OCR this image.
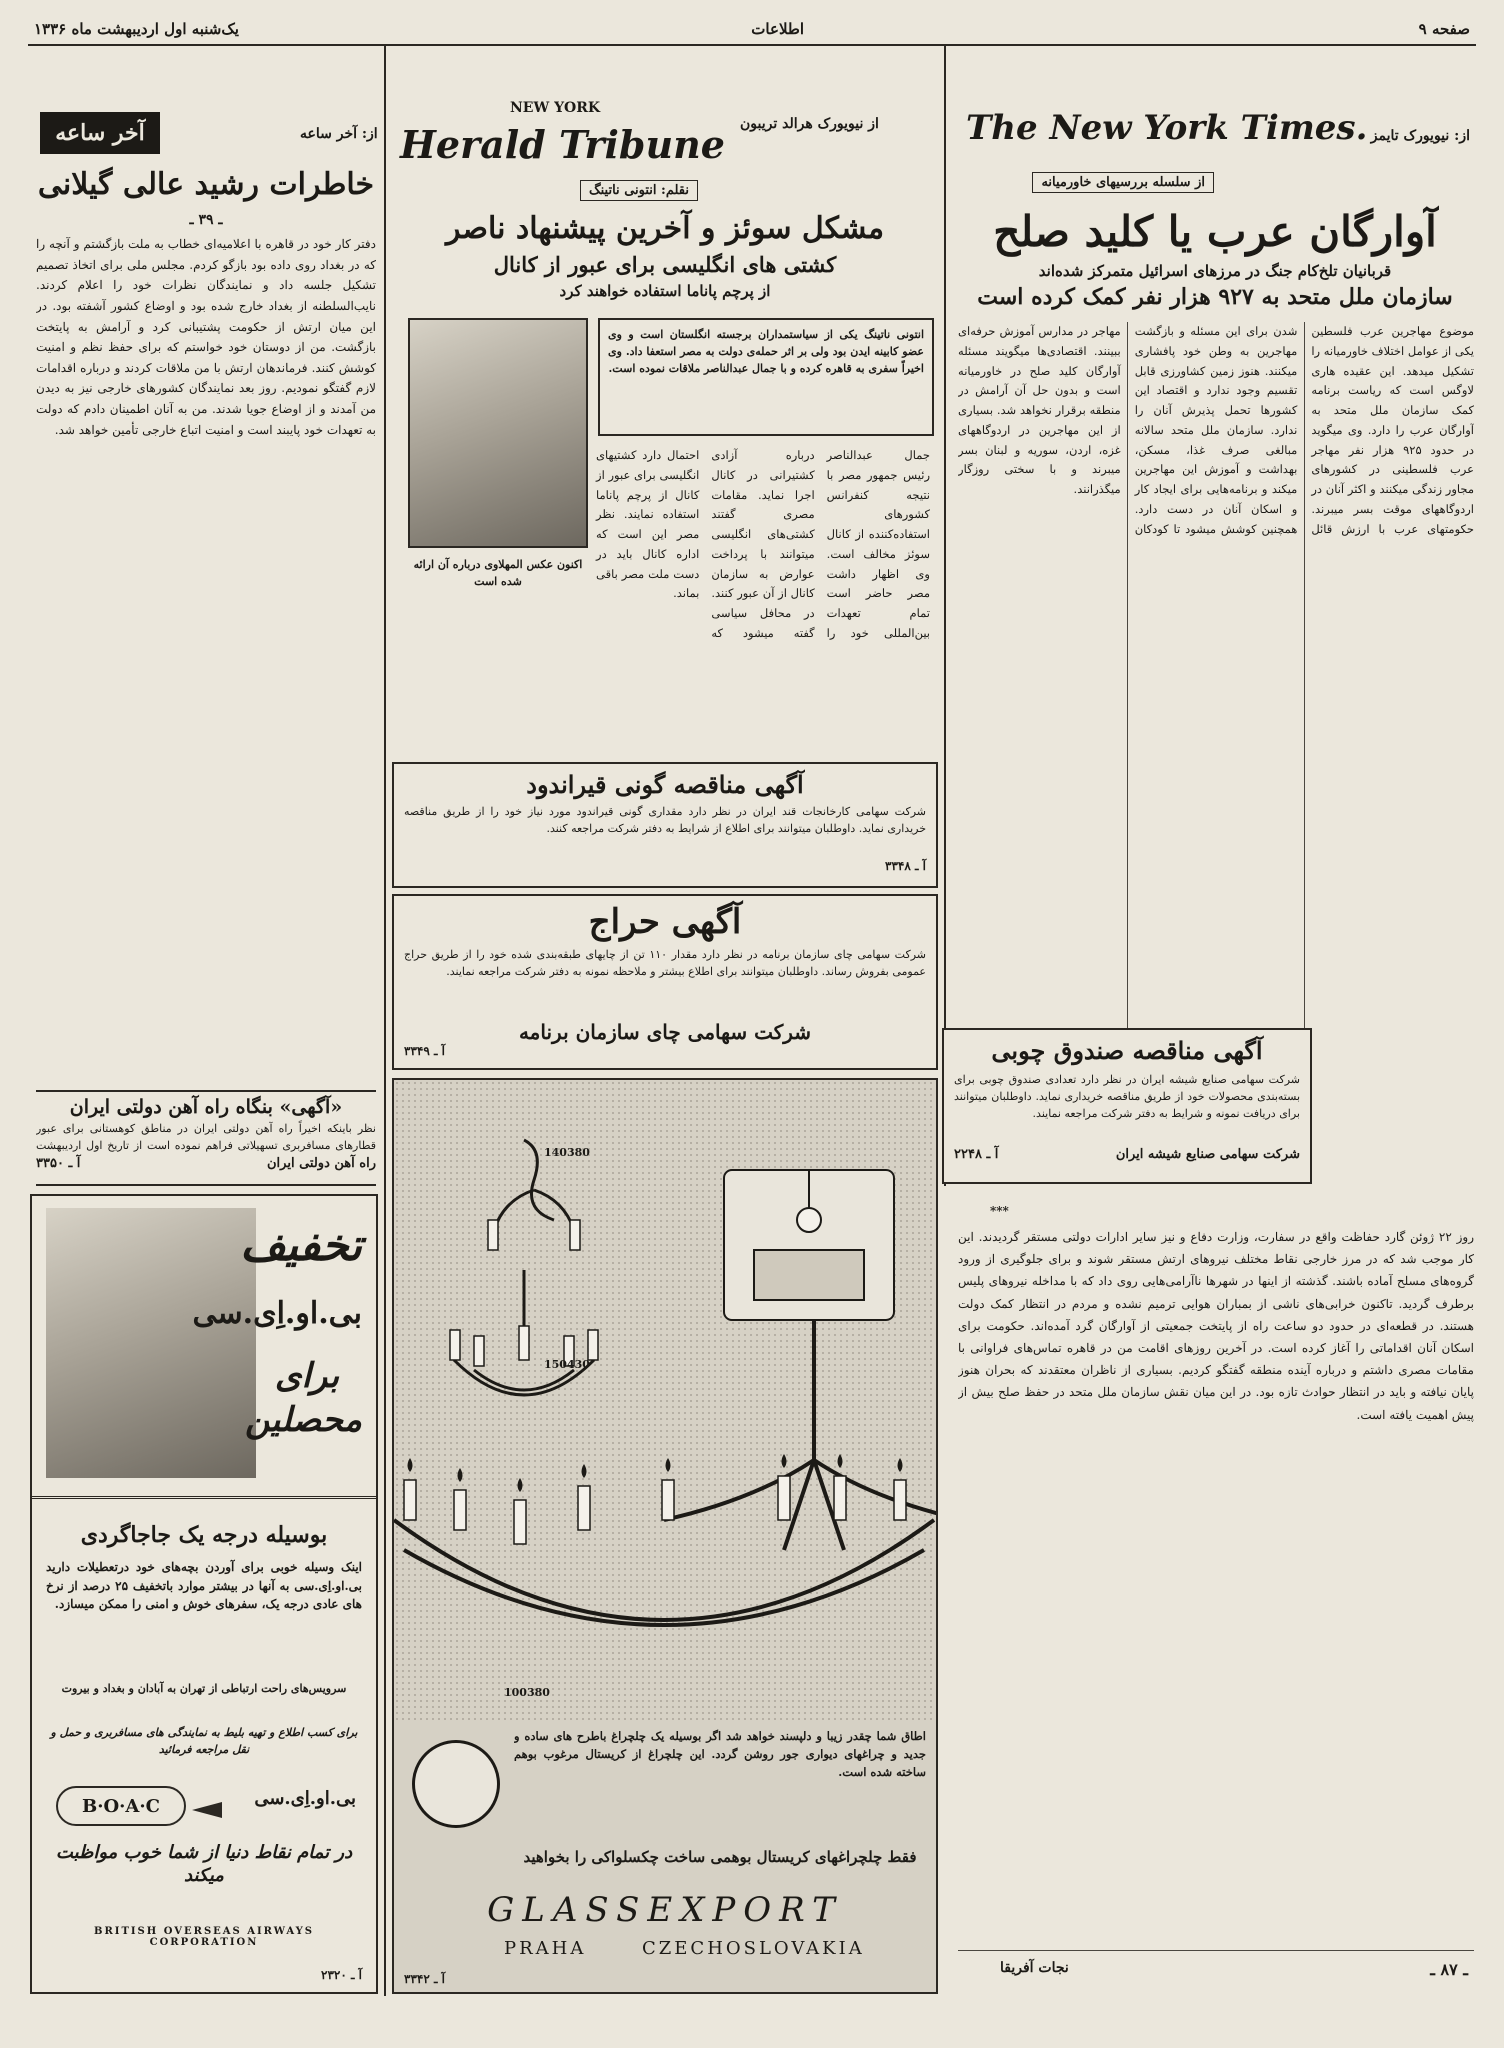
صفحه ۹
اطلاعات
یک‌شنبه اول اردیبهشت ماه ۱۳۳۶
از: نیویورک تایمز
The New York Times.
از سلسله بررسیهای خاورمیانه
آوارگان عرب یا کلید صلح
قربانیان تلخ‌کام جنگ در مرزهای اسرائیل متمرکز شده‌اند
سازمان ملل متحد به ۹۲۷ هزار نفر کمک کرده است
موضوع مهاجرین عرب فلسطین یکی از عوامل اختلاف خاورمیانه را تشکیل میدهد. این عقیده هاری لاوگس است که ریاست برنامه کمک سازمان ملل متحد به آوارگان عرب را دارد. وی میگوید در حدود ۹۲۵ هزار نفر مهاجر عرب فلسطینی در کشورهای مجاور زندگی میکنند و اکثر آنان در اردوگاههای موقت بسر میبرند. حکومتهای عرب با ارزش قائل شدن برای این مسئله و بازگشت مهاجرین به وطن خود پافشاری میکنند. هنوز زمین کشاورزی قابل تقسیم وجود ندارد و اقتصاد این کشورها تحمل پذیرش آنان را ندارد. سازمان ملل متحد سالانه مبالغی صرف غذا، مسکن، بهداشت و آموزش این مهاجرین میکند و برنامه‌هایی برای ایجاد کار و اسکان آنان در دست دارد. همچنین کوشش میشود تا کودکان مهاجر در مدارس آموزش حرفه‌ای ببینند. اقتصادی‌ها میگویند مسئله آوارگان کلید صلح در خاورمیانه است و بدون حل آن آرامش در منطقه برقرار نخواهد شد. بسیاری از این مهاجرین در اردوگاههای غزه، اردن، سوریه و لبنان بسر میبرند و با سختی روزگار میگذرانند.
آگهی مناقصه صندوق چوبی
شرکت سهامی صنایع شیشه ایران در نظر دارد تعدادی صندوق چوبی برای بسته‌بندی محصولات خود از طریق مناقصه خریداری نماید. داوطلبان میتوانند برای دریافت نمونه و شرایط به دفتر شرکت مراجعه نمایند.
شرکت سهامی صنایع شیشه ایران
آ ـ ۲۲۴۸
از نیویورک هرالد تریبون
NEW YORK
Herald Tribune
نقلم: انتونی ناتینگ
مشکل سوئز و آخرین پیشنهاد ناصر
کشتی های انگلیسی برای عبور از کانال
از پرچم پاناما استفاده خواهند کرد
انتونی ناتینگ یکی از سیاستمداران برجسته انگلستان است و وی عضو کابینه ایدن بود ولی بر اثر حمله‌ی دولت به مصر استعفا داد. وی اخیراً سفری به قاهره کرده و با جمال عبدالناصر ملاقات نموده است.
اکنون عکس المهلاوی درباره آن ارائه شده است
جمال عبدالناصر رئیس جمهور مصر با نتیجه کنفرانس کشورهای استفاده‌کننده از کانال سوئز مخالف است. وی اظهار داشت مصر حاضر است تمام تعهدات بین‌المللی خود را درباره آزادی کشتیرانی در کانال اجرا نماید. مقامات مصری گفتند کشتی‌های انگلیسی میتوانند با پرداخت عوارض به سازمان کانال از آن عبور کنند. در محافل سیاسی گفته میشود که احتمال دارد کشتیهای انگلیسی برای عبور از کانال از پرچم پاناما استفاده نمایند. نظر مصر این است که اداره کانال باید در دست ملت مصر باقی بماند.
آگهی مناقصه گونی قیراندود
شرکت سهامی کارخانجات قند ایران در نظر دارد مقداری گونی قیراندود مورد نیاز خود را از طریق مناقصه خریداری نماید. داوطلبان میتوانند برای اطلاع از شرایط به دفتر شرکت مراجعه کنند.
آ ـ ۳۳۴۸
آگهی حراج
شرکت سهامی چای سازمان برنامه در نظر دارد مقدار ۱۱۰ تن از چایهای طبقه‌بندی شده خود را از طریق حراج عمومی بفروش رساند. داوطلبان میتوانند برای اطلاع بیشتر و ملاحظه نمونه به دفتر شرکت مراجعه نمایند.
شرکت سهامی چای سازمان برنامه
آ ـ ۳۳۴۹
از: آخر ساعه
آخر ساعه
خاطرات رشید عالی گیلانی
ـ ۳۹ ـ
دفتر کار خود در قاهره با اعلامیه‌ای خطاب به ملت بازگشتم و آنچه را که در بغداد روی داده بود بازگو کردم. مجلس ملی برای اتخاذ تصمیم تشکیل جلسه داد و نمایندگان نظرات خود را اعلام کردند. نایب‌السلطنه از بغداد خارج شده بود و اوضاع کشور آشفته بود. در این میان ارتش از حکومت پشتیبانی کرد و آرامش به پایتخت بازگشت. من از دوستان خود خواستم که برای حفظ نظم و امنیت کوشش کنند. فرماندهان ارتش با من ملاقات کردند و درباره اقدامات لازم گفتگو نمودیم. روز بعد نمایندگان کشورهای خارجی نیز به دیدن من آمدند و از اوضاع جویا شدند. من به آنان اطمینان دادم که دولت به تعهدات خود پایبند است و امنیت اتباع خارجی تأمین خواهد شد.
«آگهی» بنگاه راه آهن دولتی ایران
نظر باینکه اخیراً راه آهن دولتی ایران در مناطق کوهستانی برای عبور قطارهای مسافربری تسهیلاتی فراهم نموده است از تاریخ اول اردیبهشت
راه آهن دولتی ایران
آ ـ ۳۳۵۰
تخفیف
بی.او.اِی.سی
برای محصلین
بوسیله درجه یک جاجاگردی
اینک وسیله خوبی برای آوردن بچه‌های خود درتعطیلات دارید بی.او.اِی.سی به آنها در بیشتر موارد باتخفیف ۲۵ درصد از نرخ های عادی درجه یک، سفرهای خوش و امنی را ممکن میسازد.
سرویس‌های راحت ارتباطی از تهران به آبادان و بغداد و بیروت
برای کسب اطلاع و تهیه بلیط به نمایندگی های مسافربری و حمل و نقل مراجعه فرمائید
بی.او.اِی.سی
B·O·A·C
در تمام نقاط دنیا از شما خوب مواظبت میکند
BRITISH OVERSEAS AIRWAYS CORPORATION
آ ـ ۲۳۲۰
140380
150430
100380
اطاق شما چقدر زیبا و دلپسند خواهد شد اگر بوسیله یک چلچراغ باطرح های ساده و جدید و چراغهای دیواری جور روشن گردد. این چلچراغ از کریستال مرغوب بوهم ساخته شده است.
فقط چلچراغهای کریستال بوهمی ساخت چکسلواکی را بخواهید
GLASSEXPORT
PRAHA	CZECHOSLOVAKIA
آ ـ ۳۳۴۲
***
روز ۲۲ ژوئن گارد حفاظت واقع در سفارت، وزارت دفاع و نیز سایر ادارات دولتی مستقر گردیدند. این کار موجب شد که در مرز خارجی نقاط مختلف نیروهای ارتش مستقر شوند و برای جلوگیری از ورود گروه‌های مسلح آماده باشند. گذشته از اینها در شهرها ناآرامی‌هایی روی داد که با مداخله نیروهای پلیس برطرف گردید. تاکنون خرابی‌های ناشی از بمباران هوایی ترمیم نشده و مردم در انتظار کمک دولت هستند. در قطعه‌ای در حدود دو ساعت راه از پایتخت جمعیتی از آوارگان گرد آمده‌اند. حکومت برای اسکان آنان اقداماتی را آغاز کرده است. در آخرین روزهای اقامت من در قاهره تماس‌های فراوانی با مقامات مصری داشتم و درباره آینده منطقه گفتگو کردیم. بسیاری از ناظران معتقدند که بحران هنوز پایان نیافته و باید در انتظار حوادث تازه بود. در این میان نقش سازمان ملل متحد در حفظ صلح بیش از پیش اهمیت یافته است.
نجات آفریقا	ـ ۸۷ ـ
